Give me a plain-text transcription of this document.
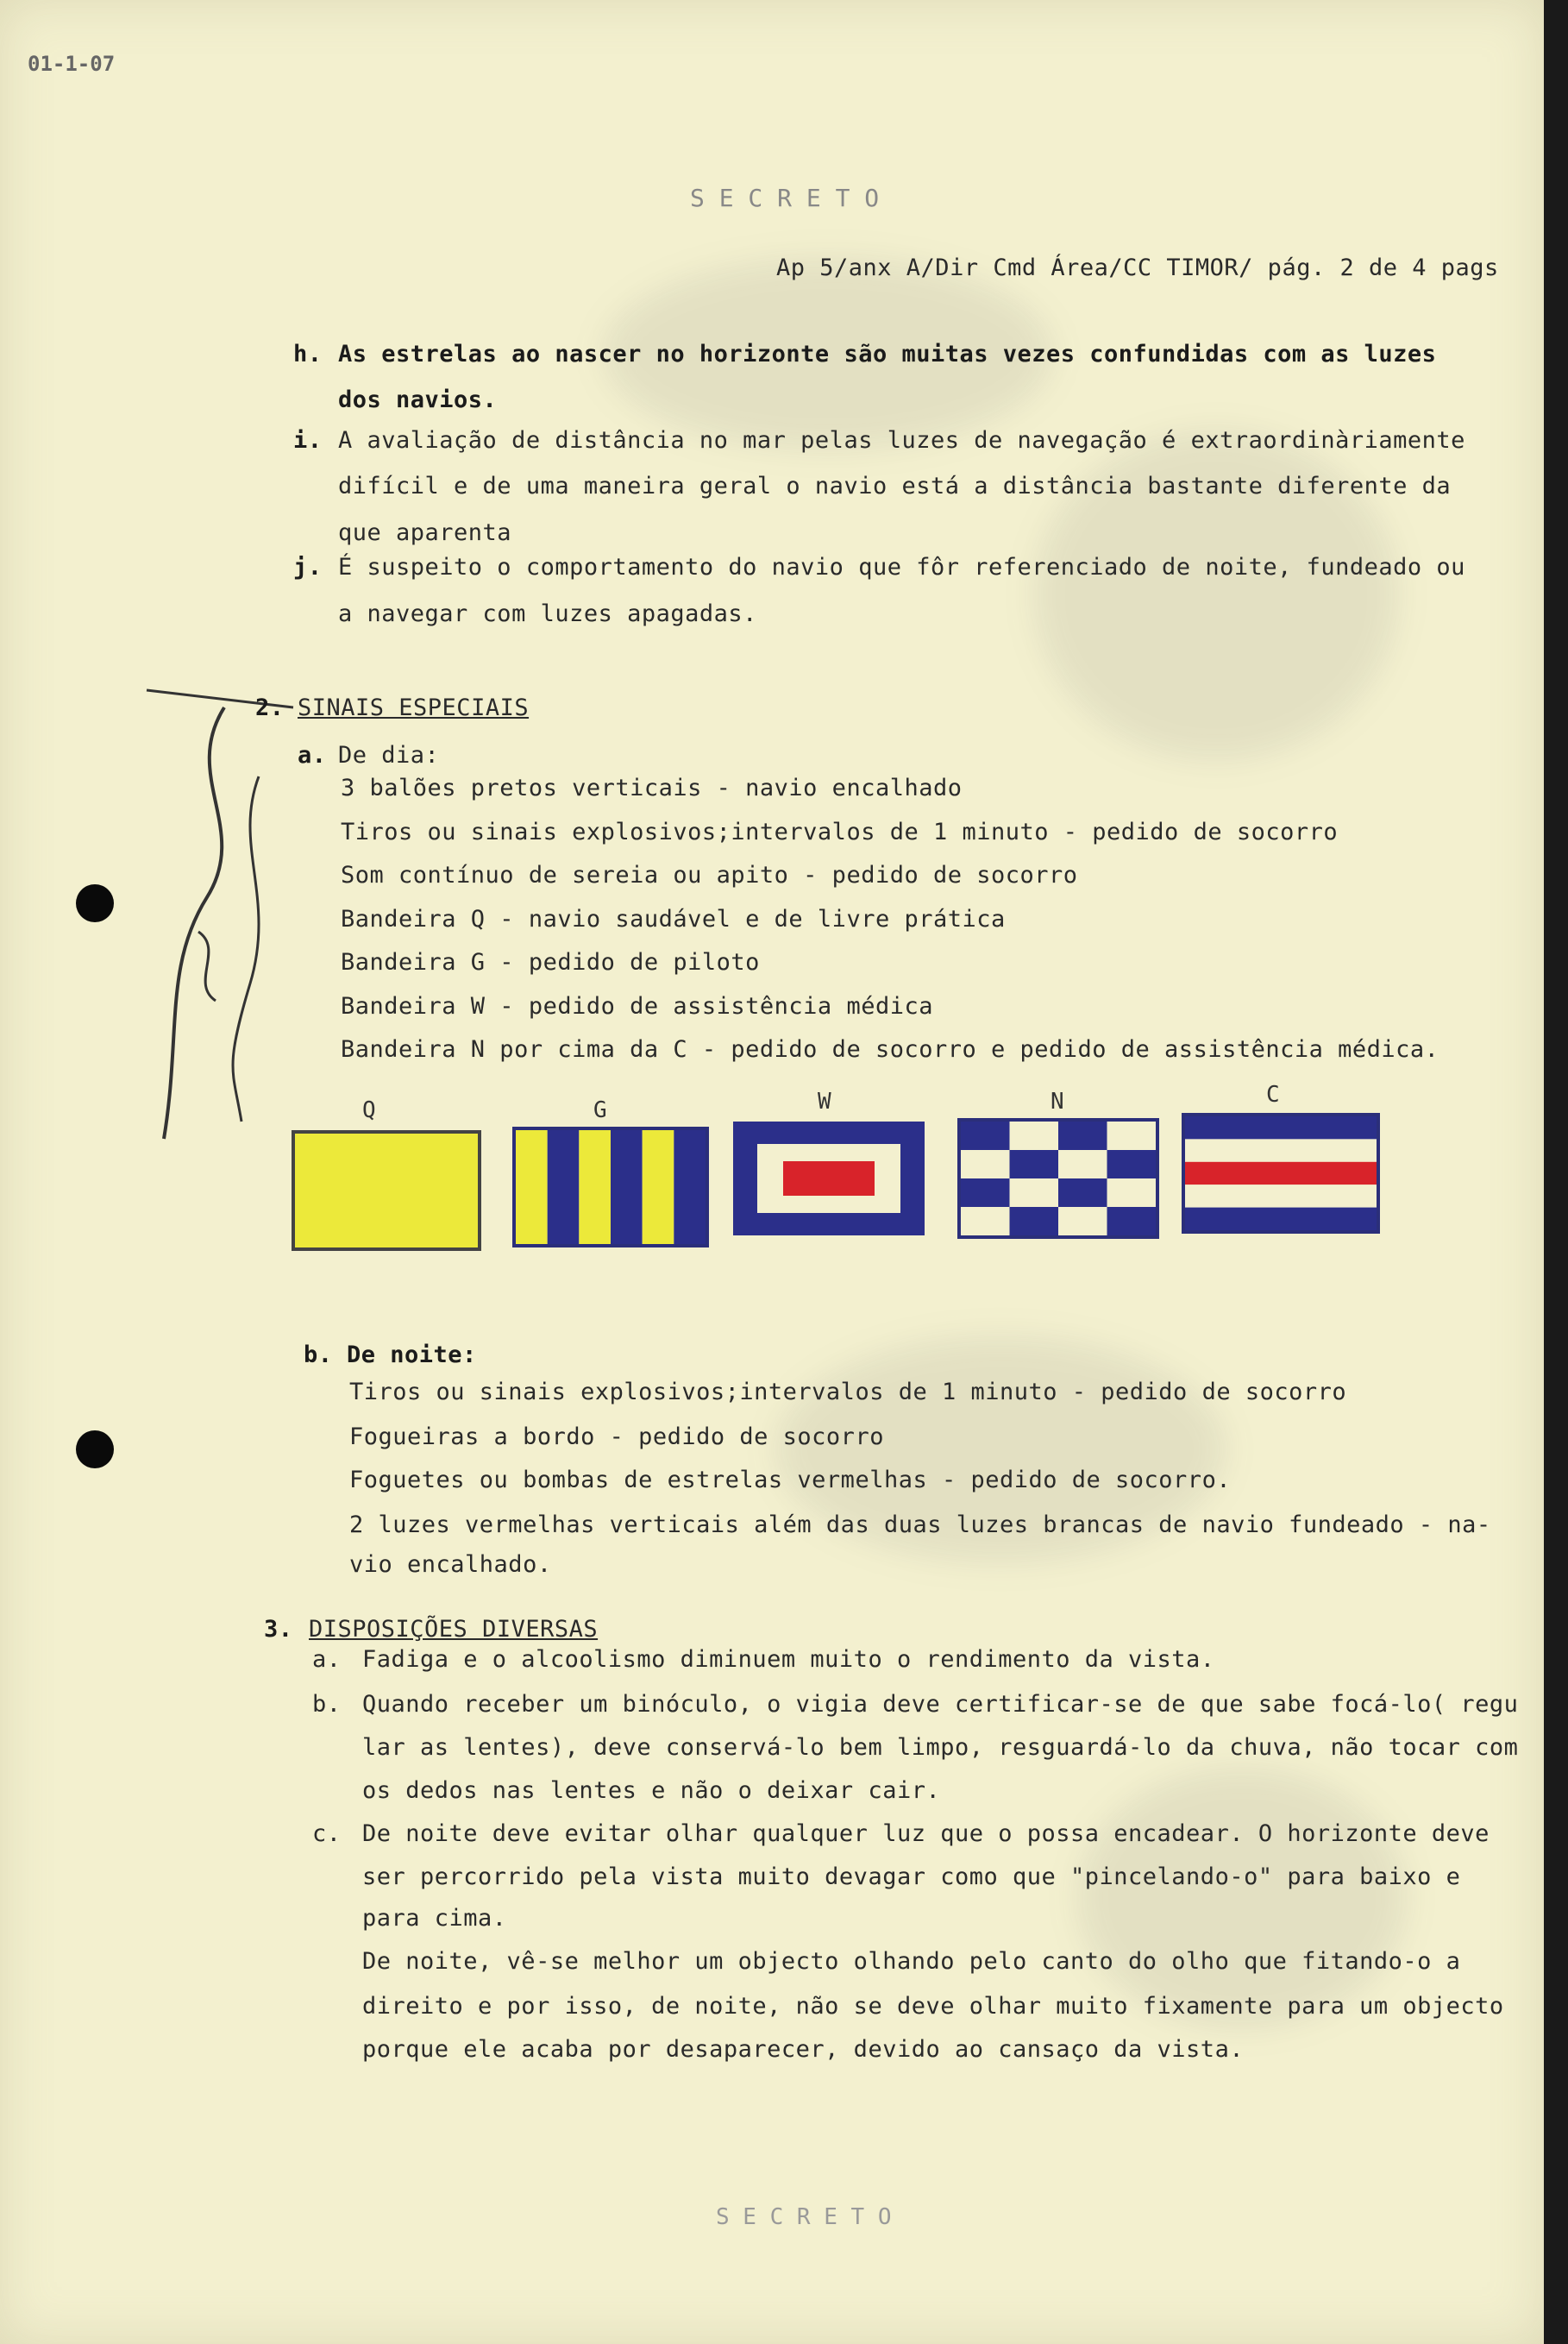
01-1-07
S E C R E T O
Ap 5/anx A/Dir Cmd Área/CC TIMOR/ pág. 2 de 4 pags
h. As estrelas ao nascer no horizonte são muitas vezes confundidas com as luzes
dos navios.
i. A avaliação de distância no mar pelas luzes de navegação é extraordinàriamente
difícil e de uma maneira geral o navio está a distância bastante diferente da
que aparenta
j. É suspeito o comportamento do navio que fôr referenciado de noite, fundeado ou
a navegar com luzes apagadas.
2. SINAIS ESPECIAIS
a. De dia:
3 balões pretos verticais - navio encalhado
Tiros ou sinais explosivos;intervalos de 1 minuto - pedido de socorro
Som contínuo de sereia ou apito - pedido de socorro
Bandeira Q - navio saudável e de livre prática
Bandeira G - pedido de piloto
Bandeira W - pedido de assistência médica
Bandeira N por cima da C - pedido de socorro e pedido de assistência médica.
Q	G	W	N	C
b. De noite:
Tiros ou sinais explosivos;intervalos de 1 minuto - pedido de socorro
Fogueiras a bordo - pedido de socorro
Foguetes ou bombas de estrelas vermelhas - pedido de socorro.
2 luzes vermelhas verticais além das duas luzes brancas de navio fundeado - na-
vio encalhado.
3. DISPOSIÇÕES DIVERSAS
a. Fadiga e o alcoolismo diminuem muito o rendimento da vista.
b. Quando receber um binóculo, o vigia deve certificar-se de que sabe focá-lo( regu
lar as lentes), deve conservá-lo bem limpo, resguardá-lo da chuva, não tocar com
os dedos nas lentes e não o deixar cair.
c. De noite deve evitar olhar qualquer luz que o possa encadear. O horizonte deve
ser percorrido pela vista muito devagar como que "pincelando-o" para baixo e
para cima.
De noite, vê-se melhor um objecto olhando pelo canto do olho que fitando-o a
direito e por isso, de noite, não se deve olhar muito fixamente para um objecto
porque ele acaba por desaparecer, devido ao cansaço da vista.
S E C R E T O
